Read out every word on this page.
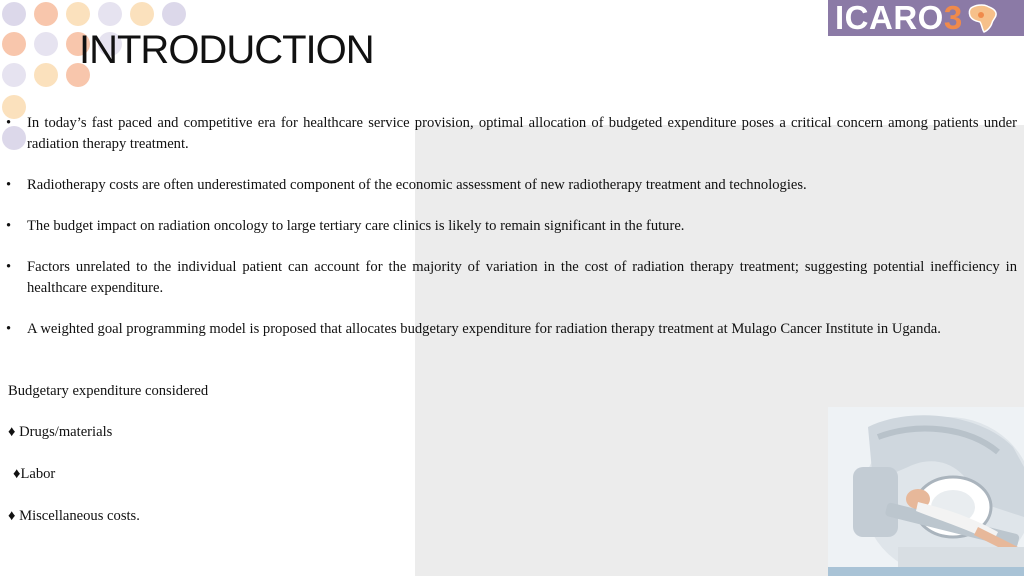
INTRODUCTION
ICARO3
• In today’s fast paced and competitive era for healthcare service provision, optimal allocation of budgeted expenditure poses a critical concern among patients under radiation therapy treatment.
• Radiotherapy costs are often underestimated component of the economic assessment of new radiotherapy treatment and technologies.
• The budget impact on radiation oncology to large tertiary care clinics is likely to remain significant in the future.
• Factors unrelated to the individual patient can account for the majority of variation in the cost of radiation therapy treatment; suggesting potential inefficiency in healthcare expenditure.
• A weighted goal programming model is proposed that allocates budgetary expenditure for radiation therapy treatment at Mulago Cancer Institute in Uganda.
Budgetary expenditure considered
♦ Drugs/materials
♦Labor
♦ Miscellaneous costs.
